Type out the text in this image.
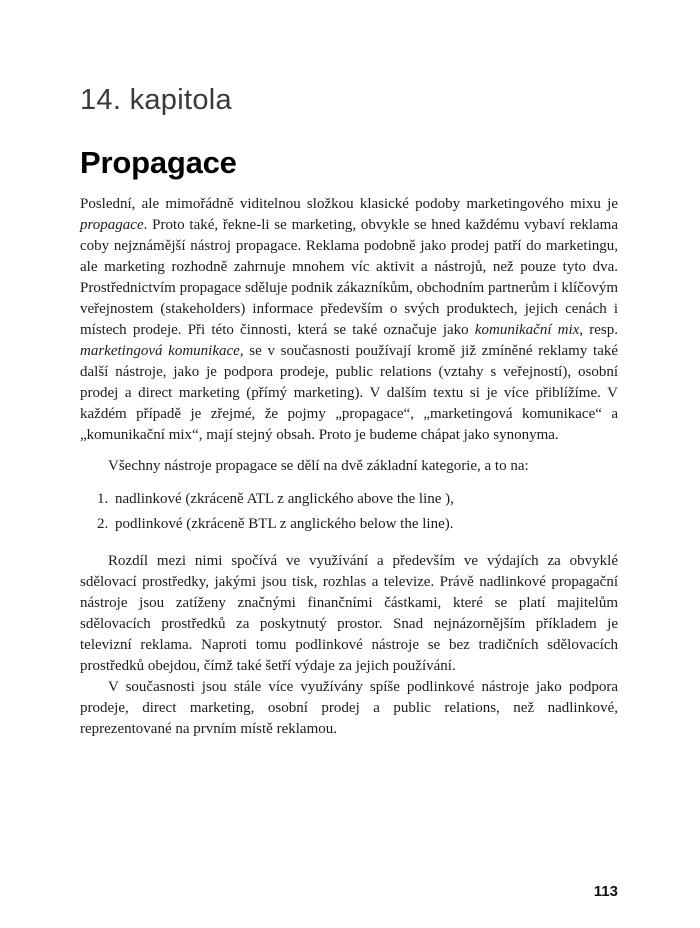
14. kapitola
Propagace

Poslední, ale mimořádně viditelnou složkou klasické podoby marketingového mixu je propagace. Proto také, řekne-li se marketing, obvykle se hned každému vybaví reklama coby nejznámější nástroj propagace. Reklama podobně jako prodej patří do marketingu, ale marketing rozhodně zahrnuje mnohem víc aktivit a nástrojů, než pouze tyto dva. Prostřednictvím propagace sděluje podnik zákazníkům, obchodním partnerům i klíčovým veřejnostem (stakeholders) informace především o svých produktech, jejich cenách i místech prodeje. Při této činnosti, která se také označuje jako komunikační mix, resp. marketingová komunikace, se v současnosti používají kromě již zmíněné reklamy také další nástroje, jako je podpora prodeje, public relations (vztahy s veřejností), osobní prodej a direct marketing (přímý marketing). V dalším textu si je více přiblížíme. V každém případě je zřejmé, že pojmy „propagace“, „marketingová komunikace“ a „komunikační mix“, mají stejný obsah. Proto je budeme chápat jako synonyma.

Všechny nástroje propagace se dělí na dvě základní kategorie, a to na:

1. nadlinkové (zkráceně ATL z anglického above the line ),
2. podlinkové (zkráceně BTL z anglického below the line).

Rozdíl mezi nimi spočívá ve využívání a především ve výdajích za obvyklé sdělovací prostředky, jakými jsou tisk, rozhlas a televize. Právě nadlinkové propagační nástroje jsou zatíženy značnými finančními částkami, které se platí majitelům sdělovacích prostředků za poskytnutý prostor. Snad nejnázornějším příkladem je televizní reklama. Naproti tomu podlinkové nástroje se bez tradičních sdělovacích prostředků obejdou, čímž také šetří výdaje za jejich používání.

V současnosti jsou stále více využívány spíše podlinkové nástroje jako podpora prodeje, direct marketing, osobní prodej a public relations, než nadlinkové, reprezentované na prvním místě reklamou.

113
